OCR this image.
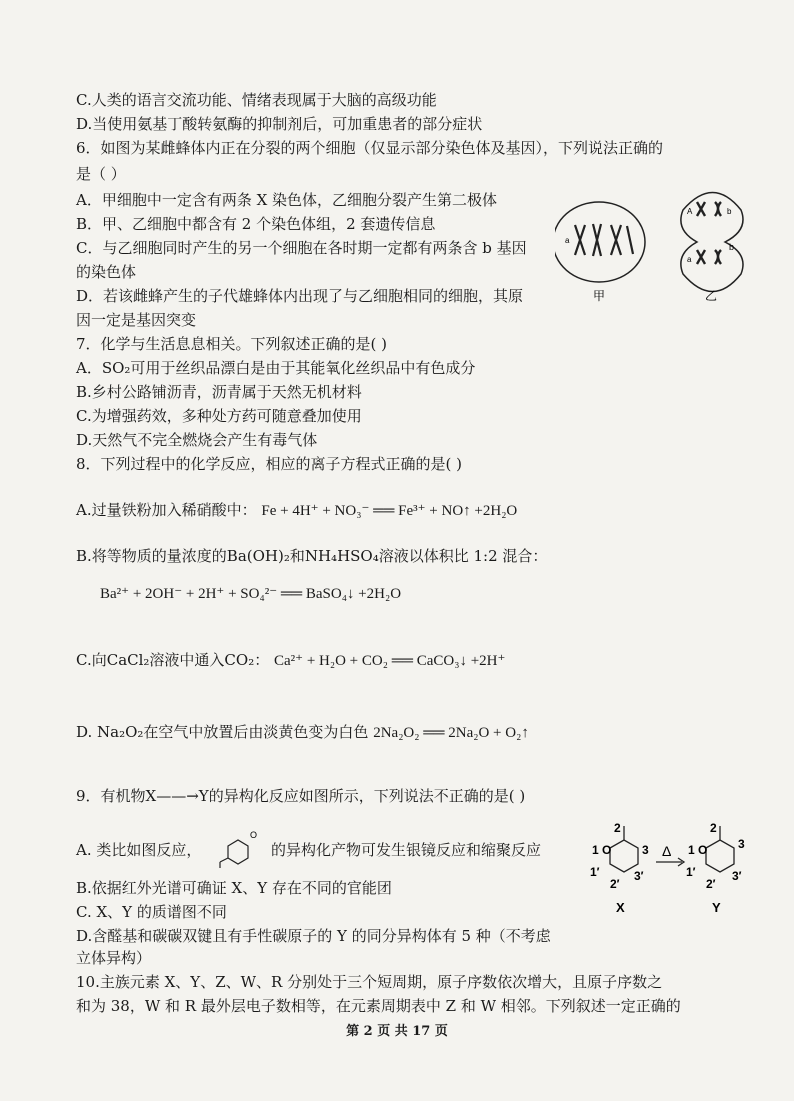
C.人类的语言交流功能、情绪表现属于大脑的高级功能
D.当使用氨基丁酸转氨酶的抑制剂后，可加重患者的部分症状
6．如图为某雌蜂体内正在分裂的两个细胞（仅显示部分染色体及基因），下列说法正确的
是（ ）
A．甲细胞中一定含有两条 X 染色体，乙细胞分裂产生第二极体
B．甲、乙细胞中都含有 2 个染色体组，2 套遗传信息
C．与乙细胞同时产生的另一个细胞在各时期一定都有两条含 b 基因
的染色体
D．若该雌蜂产生的子代雄蜂体内出现了与乙细胞相同的细胞，其原
因一定是基因突变
a
甲
A	b
a
b
乙
7．化学与生活息息相关。下列叙述正确的是( )
A．SO₂可用于丝织品漂白是由于其能氧化丝织品中有色成分
B.乡村公路铺沥青，沥青属于天然无机材料
C.为增强药效，多种处方药可随意叠加使用
D.天然气不完全燃烧会产生有毒气体
8．下列过程中的化学反应，相应的离子方程式正确的是( )
A.过量铁粉加入稀硝酸中： Fe + 4H⁺ + NO₃⁻ ══ Fe³⁺ + NO↑ +2H₂O
B.将等物质的量浓度的Ba(OH)₂和NH₄HSO₄溶液以体积比 1:2 混合：
Ba²⁺ + 2OH⁻ + 2H⁺ + SO₄²⁻ ══ BaSO₄↓ +2H₂O
C.向CaCl₂溶液中通入CO₂： Ca²⁺ + H₂O + CO₂ ══ CaCO₃↓ +2H⁺
D. Na₂O₂在空气中放置后由淡黄色变为白色 2Na₂O₂ ══ 2Na₂O + O₂↑
9．有机物X——→Y的异构化反应如图所示，下列说法不正确的是( )
A. 类比如图反应，
O
的异构化产物可发生银镜反应和缩聚反应
B.依据红外光谱可确证 X、Y 存在不同的官能团
C. X、Y 的质谱图不同
D.含醛基和碳碳双键且有手性碳原子的 Y 的同分异构体有 5 种（不考虑
立体异构）
1 O
2
3
1′
2′
3′
X
Δ 1 O
2
3
1′
2′
3′
Y
10.主族元素 X、Y、Z、W、R 分别处于三个短周期，原子序数依次增大，且原子序数之
和为 38，W 和 R 最外层电子数相等，在元素周期表中 Z 和 W 相邻。下列叙述一定正确的
第 2 页 共 17 页
